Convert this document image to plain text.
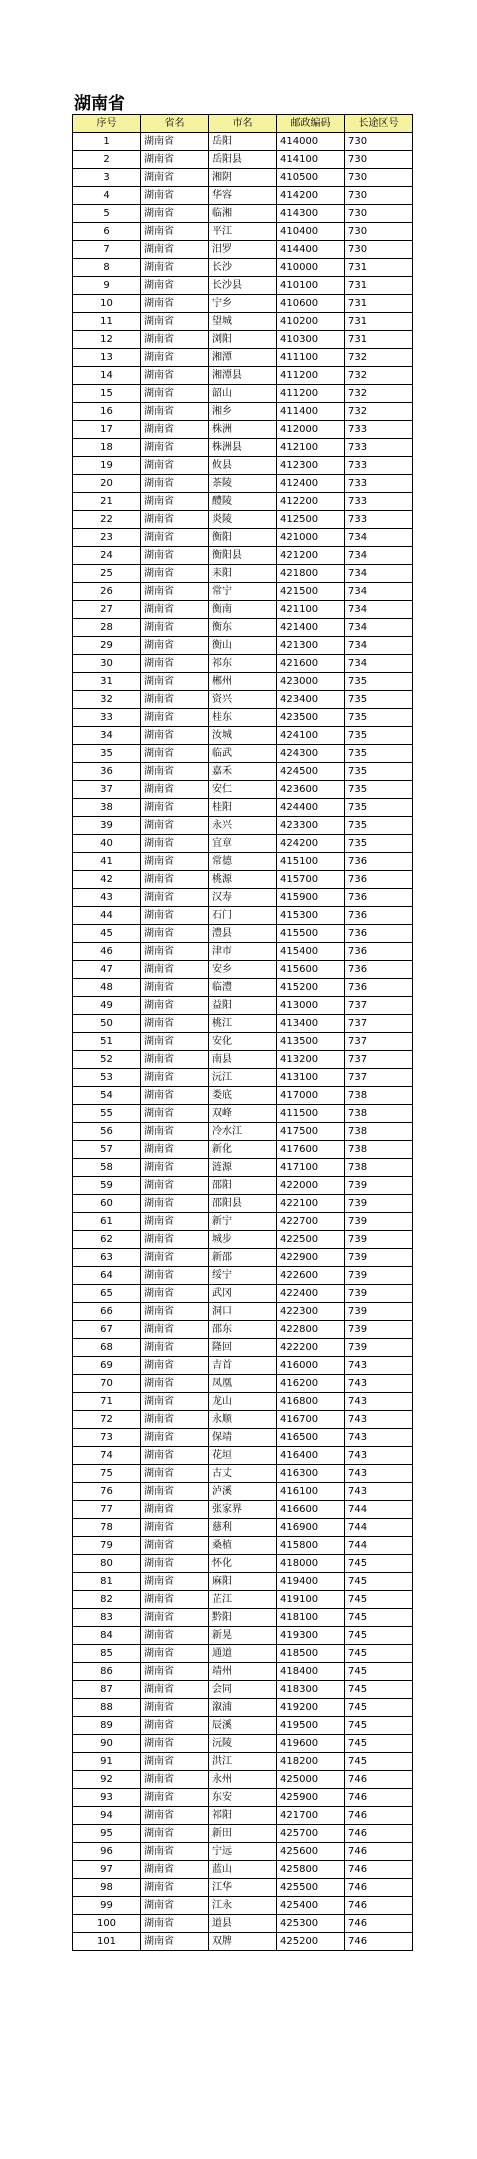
湖南省
序号	省名	市名	邮政编码	长途区号
1	湖南省	岳阳	414000	730
2	湖南省	岳阳县	414100	730
3	湖南省	湘阴	410500	730
4	湖南省	华容	414200	730
5	湖南省	临湘	414300	730
6	湖南省	平江	410400	730
7	湖南省	汨罗	414400	730
8	湖南省	长沙	410000	731
9	湖南省	长沙县	410100	731
10	湖南省	宁乡	410600	731
11	湖南省	望城	410200	731
12	湖南省	浏阳	410300	731
13	湖南省	湘潭	411100	732
14	湖南省	湘潭县	411200	732
15	湖南省	韶山	411200	732
16	湖南省	湘乡	411400	732
17	湖南省	株洲	412000	733
18	湖南省	株洲县	412100	733
19	湖南省	攸县	412300	733
20	湖南省	茶陵	412400	733
21	湖南省	醴陵	412200	733
22	湖南省	炎陵	412500	733
23	湖南省	衡阳	421000	734
24	湖南省	衡阳县	421200	734
25	湖南省	耒阳	421800	734
26	湖南省	常宁	421500	734
27	湖南省	衡南	421100	734
28	湖南省	衡东	421400	734
29	湖南省	衡山	421300	734
30	湖南省	祁东	421600	734
31	湖南省	郴州	423000	735
32	湖南省	资兴	423400	735
33	湖南省	桂东	423500	735
34	湖南省	汝城	424100	735
35	湖南省	临武	424300	735
36	湖南省	嘉禾	424500	735
37	湖南省	安仁	423600	735
38	湖南省	桂阳	424400	735
39	湖南省	永兴	423300	735
40	湖南省	宜章	424200	735
41	湖南省	常德	415100	736
42	湖南省	桃源	415700	736
43	湖南省	汉寿	415900	736
44	湖南省	石门	415300	736
45	湖南省	澧县	415500	736
46	湖南省	津市	415400	736
47	湖南省	安乡	415600	736
48	湖南省	临澧	415200	736
49	湖南省	益阳	413000	737
50	湖南省	桃江	413400	737
51	湖南省	安化	413500	737
52	湖南省	南县	413200	737
53	湖南省	沅江	413100	737
54	湖南省	娄底	417000	738
55	湖南省	双峰	411500	738
56	湖南省	冷水江	417500	738
57	湖南省	新化	417600	738
58	湖南省	涟源	417100	738
59	湖南省	邵阳	422000	739
60	湖南省	邵阳县	422100	739
61	湖南省	新宁	422700	739
62	湖南省	城步	422500	739
63	湖南省	新邵	422900	739
64	湖南省	绥宁	422600	739
65	湖南省	武冈	422400	739
66	湖南省	洞口	422300	739
67	湖南省	邵东	422800	739
68	湖南省	隆回	422200	739
69	湖南省	吉首	416000	743
70	湖南省	凤凰	416200	743
71	湖南省	龙山	416800	743
72	湖南省	永顺	416700	743
73	湖南省	保靖	416500	743
74	湖南省	花垣	416400	743
75	湖南省	古丈	416300	743
76	湖南省	泸溪	416100	743
77	湖南省	张家界	416600	744
78	湖南省	慈利	416900	744
79	湖南省	桑植	415800	744
80	湖南省	怀化	418000	745
81	湖南省	麻阳	419400	745
82	湖南省	芷江	419100	745
83	湖南省	黔阳	418100	745
84	湖南省	新晃	419300	745
85	湖南省	通道	418500	745
86	湖南省	靖州	418400	745
87	湖南省	会同	418300	745
88	湖南省	溆浦	419200	745
89	湖南省	辰溪	419500	745
90	湖南省	沅陵	419600	745
91	湖南省	洪江	418200	745
92	湖南省	永州	425000	746
93	湖南省	东安	425900	746
94	湖南省	祁阳	421700	746
95	湖南省	新田	425700	746
96	湖南省	宁远	425600	746
97	湖南省	蓝山	425800	746
98	湖南省	江华	425500	746
99	湖南省	江永	425400	746
100	湖南省	道县	425300	746
101	湖南省	双牌	425200	746
